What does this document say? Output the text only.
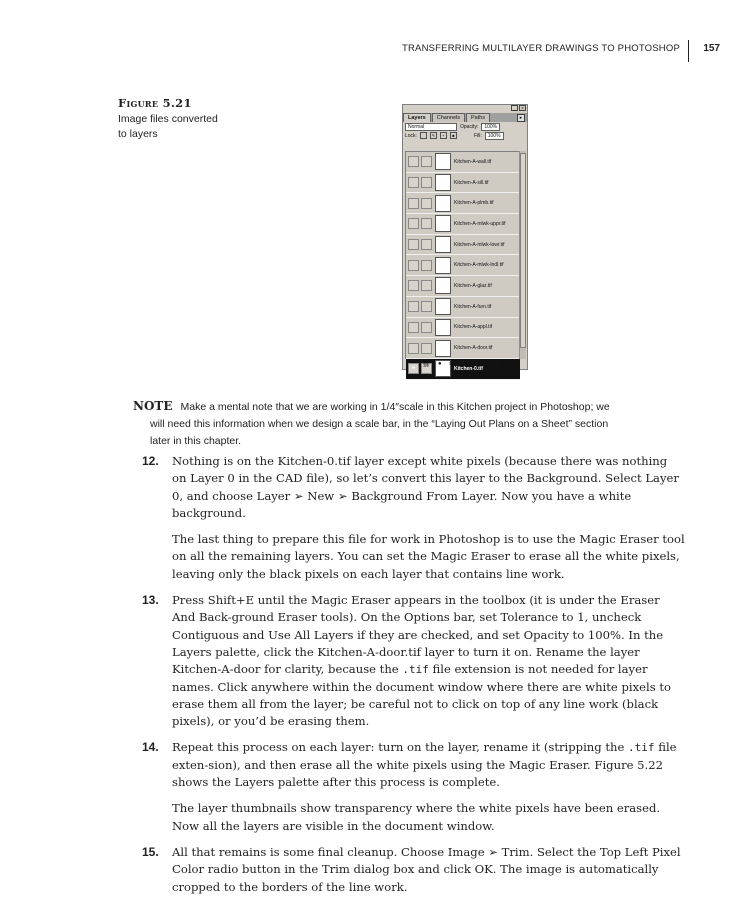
TRANSFERRING MULTILAYER DRAWINGS TO PHOTOSHOP 157
Figure 5.21
Image files converted
to layers
_	×
Layers	Channels	Paths	▸
Normal	Opacity:	100%
Lock:	✎	+	■	Fill:	100%
Kitchen-A-wall.tif
Kitchen-A-sill.tif
Kitchen-A-plmb.tif
Kitchen-A-mlwk-uppr.tif
Kitchen-A-mlwk-lowr.tif
Kitchen-A-mlwk-lndl.tif
Kitchen-A-glaz.tif
Kitchen-A-furn.tif
Kitchen-A-appl.tif
Kitchen-A-door.tif
●	Kitchen-0.tif
⛓ ● ◘ ◐ ▭ ❏ 🗑
NOTE Make a mental note that we are working in 1/4″scale in this Kitchen project in Photoshop; we
will need this information when we design a scale bar, in the “Laying Out Plans on a Sheet” section
later in this chapter.
12. Nothing is on the Kitchen-0.tif layer except white pixels (because there was nothing on Layer 0 in the CAD file), so let’s convert this layer to the Background. Select Layer 0, and choose Layer ➢ New ➢ Background From Layer. Now you have a white background.

The last thing to prepare this file for work in Photoshop is to use the Magic Eraser tool on all the remaining layers. You can set the Magic Eraser to erase all the white pixels, leaving only the black pixels on each layer that contains line work.

13. Press Shift+E until the Magic Eraser appears in the toolbox (it is under the Eraser And Back-ground Eraser tools). On the Options bar, set Tolerance to 1, uncheck Contiguous and Use All Layers if they are checked, and set Opacity to 100%. In the Layers palette, click the Kitchen-A-door.tif layer to turn it on. Rename the layer Kitchen-A-door for clarity, because the .tif file extension is not needed for layer names. Click anywhere within the document window where there are white pixels to erase them all from the layer; be careful not to click on top of any line work (black pixels), or you’d be erasing them.

14. Repeat this process on each layer: turn on the layer, rename it (stripping the .tif file exten-sion), and then erase all the white pixels using the Magic Eraser. Figure 5.22 shows the Layers palette after this process is complete.

The layer thumbnails show transparency where the white pixels have been erased. Now all the layers are visible in the document window.

15. All that remains is some final cleanup. Choose Image ➢ Trim. Select the Top Left Pixel Color radio button in the Trim dialog box and click OK. The image is automatically cropped to the borders of the line work.
